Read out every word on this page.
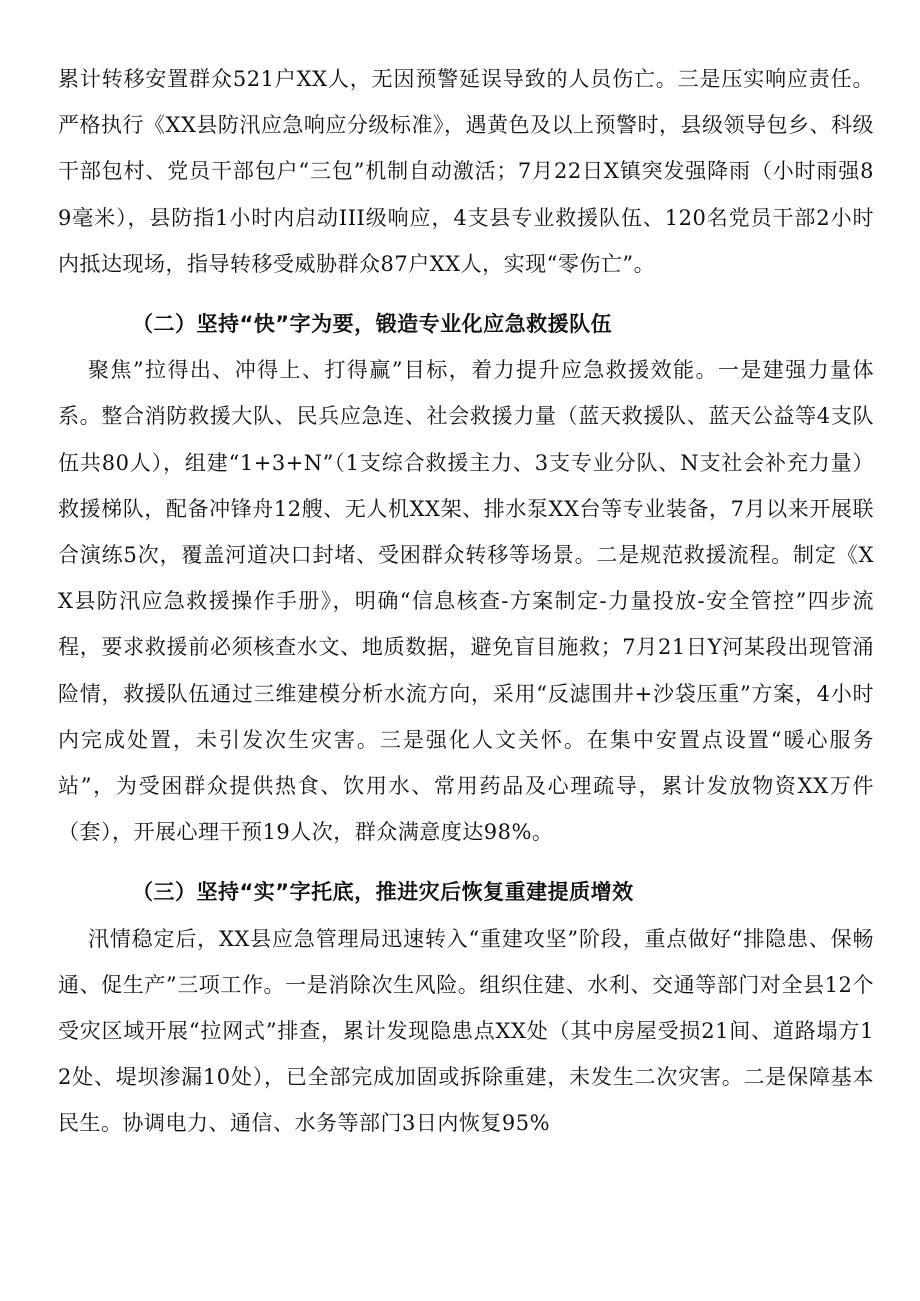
累计转移安置群众521户XX人，无因预警延误导致的人员伤亡。三是压实响应责任。严格执行《XX县防汛应急响应分级标准》，遇黄色及以上预警时，县级领导包乡、科级干部包村、党员干部包户“三包”机制自动激活；7月22日X镇突发强降雨（小时雨强89毫米），县防指1小时内启动III级响应，4支县专业救援队伍、120名党员干部2小时内抵达现场，指导转移受威胁群众87户XX人，实现“零伤亡”。

（二）坚持“快”字为要，锻造专业化应急救援队伍

聚焦”拉得出、冲得上、打得赢”目标，着力提升应急救援效能。一是建强力量体系。整合消防救援大队、民兵应急连、社会救援力量（蓝天救援队、蓝天公益等4支队伍共80人），组建“1+3+N”（1支综合救援主力、3支专业分队、N支社会补充力量）救援梯队，配备冲锋舟12艘、无人机XX架、排水泵XX台等专业装备，7月以来开展联合演练5次，覆盖河道决口封堵、受困群众转移等场景。二是规范救援流程。制定《XX县防汛应急救援操作手册》，明确“信息核查-方案制定-力量投放-安全管控”四步流程，要求救援前必须核查水文、地质数据，避免盲目施救；7月21日Y河某段出现管涌险情，救援队伍通过三维建模分析水流方向，采用“反滤围井+沙袋压重”方案，4小时内完成处置，未引发次生灾害。三是强化人文关怀。在集中安置点设置“暖心服务站”，为受困群众提供热食、饮用水、常用药品及心理疏导，累计发放物资XX万件（套），开展心理干预19人次，群众满意度达98%。

（三）坚持“实”字托底，推进灾后恢复重建提质增效

汛情稳定后，XX县应急管理局迅速转入“重建攻坚”阶段，重点做好“排隐患、保畅通、促生产”三项工作。一是消除次生风险。组织住建、水利、交通等部门对全县12个受灾区域开展“拉网式”排查，累计发现隐患点XX处（其中房屋受损21间、道路塌方12处、堤坝渗漏10处），已全部完成加固或拆除重建，未发生二次灾害。二是保障基本民生。协调电力、通信、水务等部门3日内恢复95%
